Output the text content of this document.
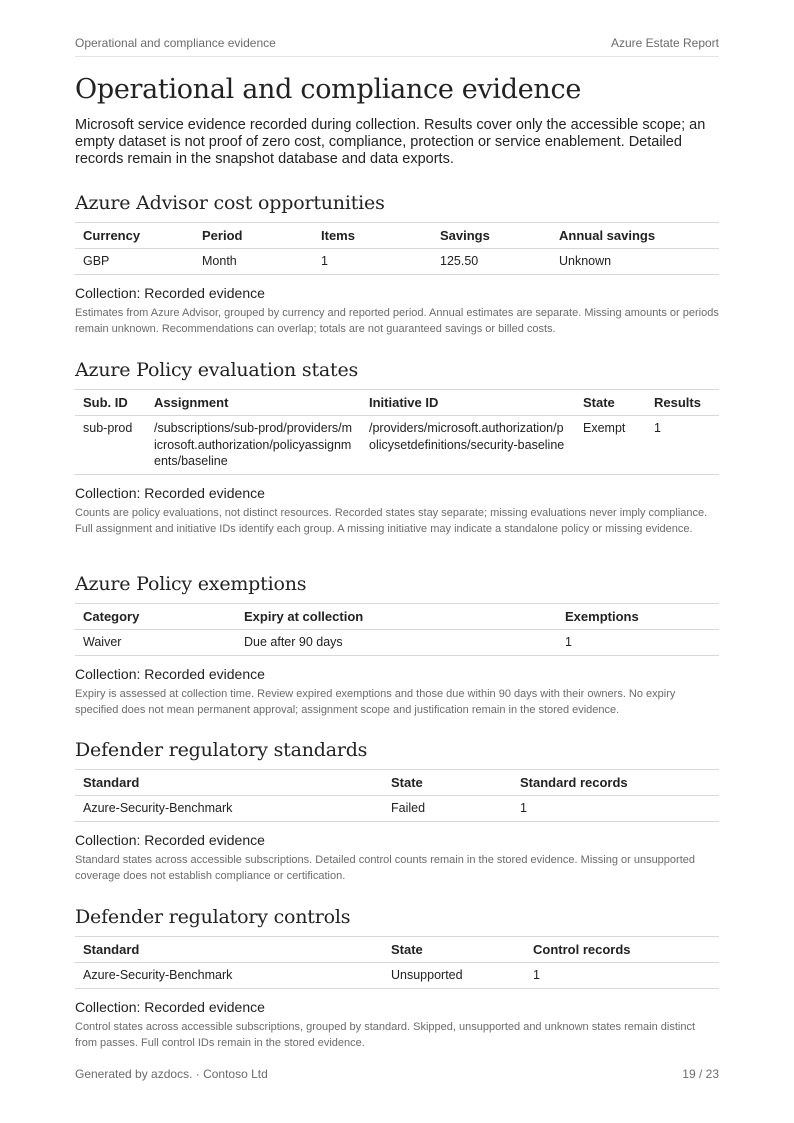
Operational and compliance evidence	Azure Estate Report
Operational and compliance evidence

Microsoft service evidence recorded during collection. Results cover only the accessible scope; an empty dataset is not proof of zero cost, compliance, protection or service enablement. Detailed records remain in the snapshot database and data exports.

Azure Advisor cost opportunities
Currency	Period	Items	Savings	Annual savings
GBP	Month	1	125.50	Unknown
Collection: Recorded evidence

Estimates from Azure Advisor, grouped by currency and reported period. Annual estimates are separate. Missing amounts or periods remain unknown. Recommendations can overlap; totals are not guaranteed savings or billed costs.

Azure Policy evaluation states
Sub. ID	Assignment	Initiative ID	State	Results
sub-prod	/subscriptions/sub-prod/providers/microsoft.authorization/policyassignments/baseline	/providers/microsoft.authorization/policysetdefinitions/security-baseline	Exempt	1
Collection: Recorded evidence

Counts are policy evaluations, not distinct resources. Recorded states stay separate; missing evaluations never imply compliance. Full assignment and initiative IDs identify each group. A missing initiative may indicate a standalone policy or missing evidence.

Azure Policy exemptions
Category	Expiry at collection	Exemptions
Waiver	Due after 90 days	1
Collection: Recorded evidence

Expiry is assessed at collection time. Review expired exemptions and those due within 90 days with their owners. No expiry specified does not mean permanent approval; assignment scope and justification remain in the stored evidence.

Defender regulatory standards
Standard	State	Standard records
Azure-Security-Benchmark	Failed	1
Collection: Recorded evidence

Standard states across accessible subscriptions. Detailed control counts remain in the stored evidence. Missing or unsupported coverage does not establish compliance or certification.

Defender regulatory controls
Standard	State	Control records
Azure-Security-Benchmark	Unsupported	1
Collection: Recorded evidence

Control states across accessible subscriptions, grouped by standard. Skipped, unsupported and unknown states remain distinct from passes. Full control IDs remain in the stored evidence.

Generated by azdocs. · Contoso Ltd	19 / 23
